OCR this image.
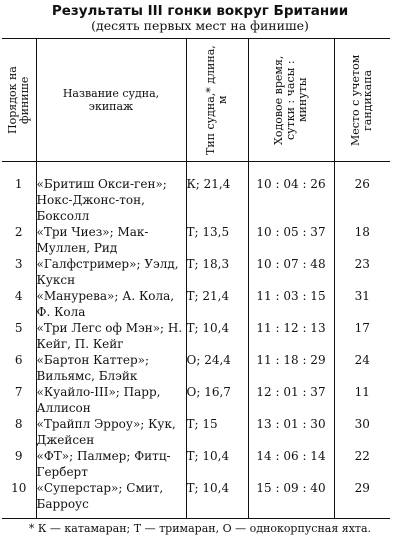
Результаты III гонки вокруг Британии
(десять первых мест на финише)
Порядок на финише	Название судна, экипаж	Тип судна,* длина, м	Ходовое время, сутки : часы : минуты	Место с учетом гандикапа

1	«Бритиш Окси-ген»; Нокс-Джонс-тон, Боксолл	К; 21,4	10 : 04 : 26	26
2	«Три Чиез»; Мак-Муллен, Рид	Т; 13,5	10 : 05 : 37	18
3	«Галфстример»; Уэлд, Куксн	Т; 18,3	10 : 07 : 48	23
4	«Манурева»; А. Кола, Ф. Кола	Т; 21,4	11 : 03 : 15	31
5	«Три Легс оф Мэн»; Н. Кейг, П. Кейг	Т; 10,4	11 : 12 : 13	17
6	«Бартон Каттер»; Вильямс, Блэйк	О; 24,4	11 : 18 : 29	24
7	«Куайло-III»; Парр, Аллисон	О; 16,7	12 : 01 : 37	11
8	«Трайпл Эрроу»; Кук, Джейсен	Т; 15	13 : 01 : 30	30
9	«ФТ»; Палмер; Фитц-Герберт	Т; 10,4	14 : 06 : 14	22
10	«Суперстар»; Смит, Барроус	Т; 10,4	15 : 09 : 40	29

* К — катамаран; Т — тримаран, О — однокорпусная яхта.
